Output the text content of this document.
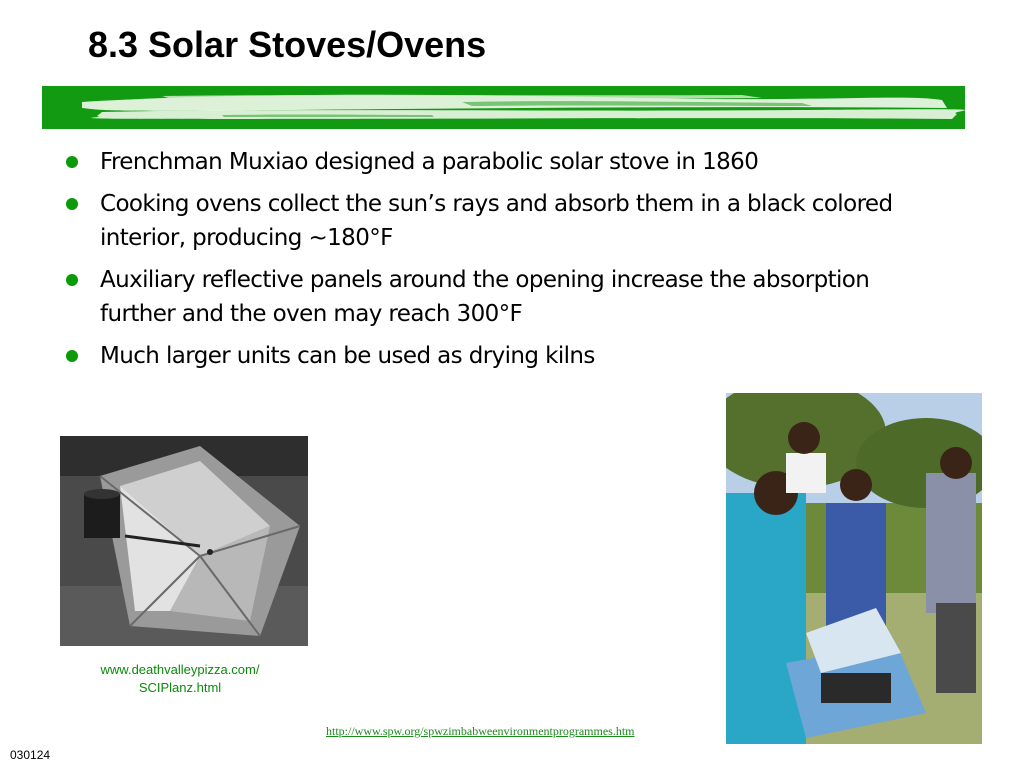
8.3 Solar Stoves/Ovens
Frenchman Muxiao designed a parabolic solar stove in 1860
Cooking ovens collect the sun’s rays and absorb them in a black colored interior, producing ~180°F
Auxiliary reflective panels around the opening increase the absorption further and the oven may reach 300°F
Much larger units can be used as drying kilns
www.deathvalleypizza.com/
SCIPlanz.html
http://www.spw.org/spwzimbabweenvironmentprogrammes.htm
030124
